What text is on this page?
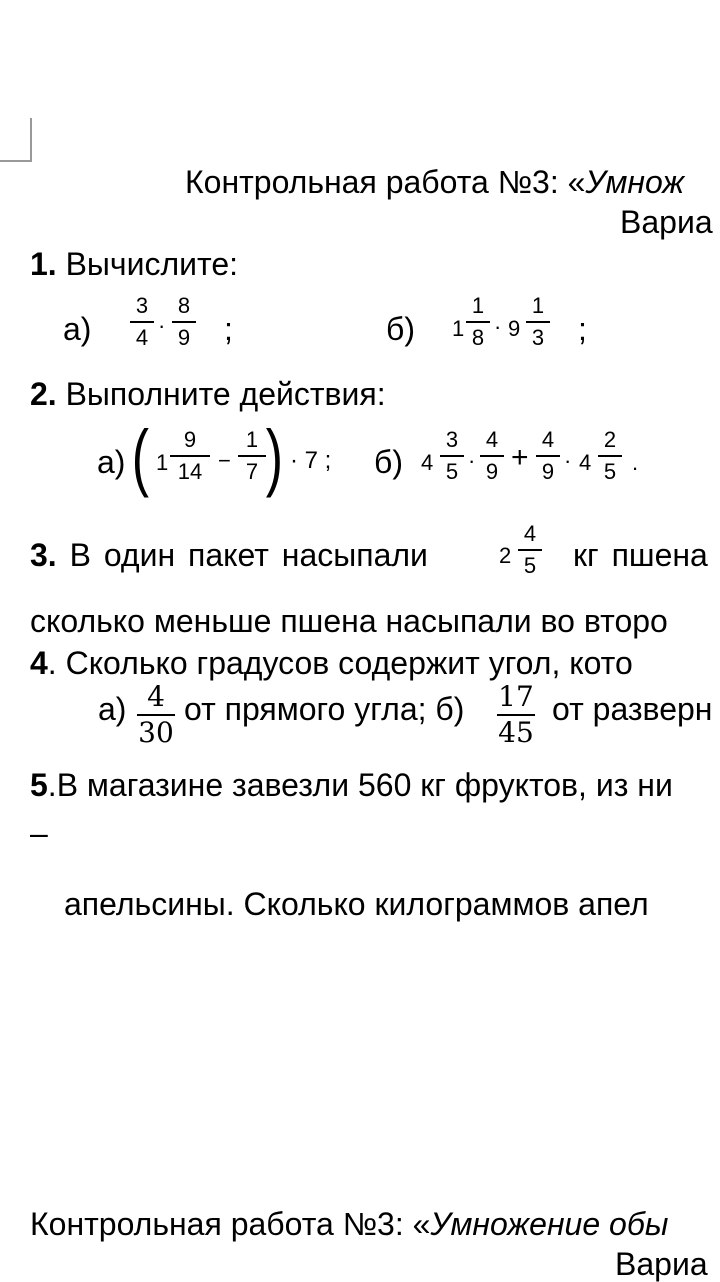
Контрольная работа №3: «Умнож
Вариа
1. Вычислите:
а)
3
4 ·
8
9 ;	б) 1
1
8 · 9
1
3 ;
2. Выполните действия:
а) ( 1
9
14 −
1
7 ) · 7 ; б) 4
3
5 ·
4
9 +
4
9 · 4
2
5 .
3. В один пакет насыпали	2
4
5 кг пшена
сколько меньше пшена насыпали во второ
4. Сколько градусов содержит угол, кото
а) 4
30
от прямого угла; б) 17
45
от разверн
5.В магазине завезли 560 кг фруктов, из ни
–
апельсины. Сколько килограммов апел
Контрольная работа №3: «Умножение обы
Вариа
